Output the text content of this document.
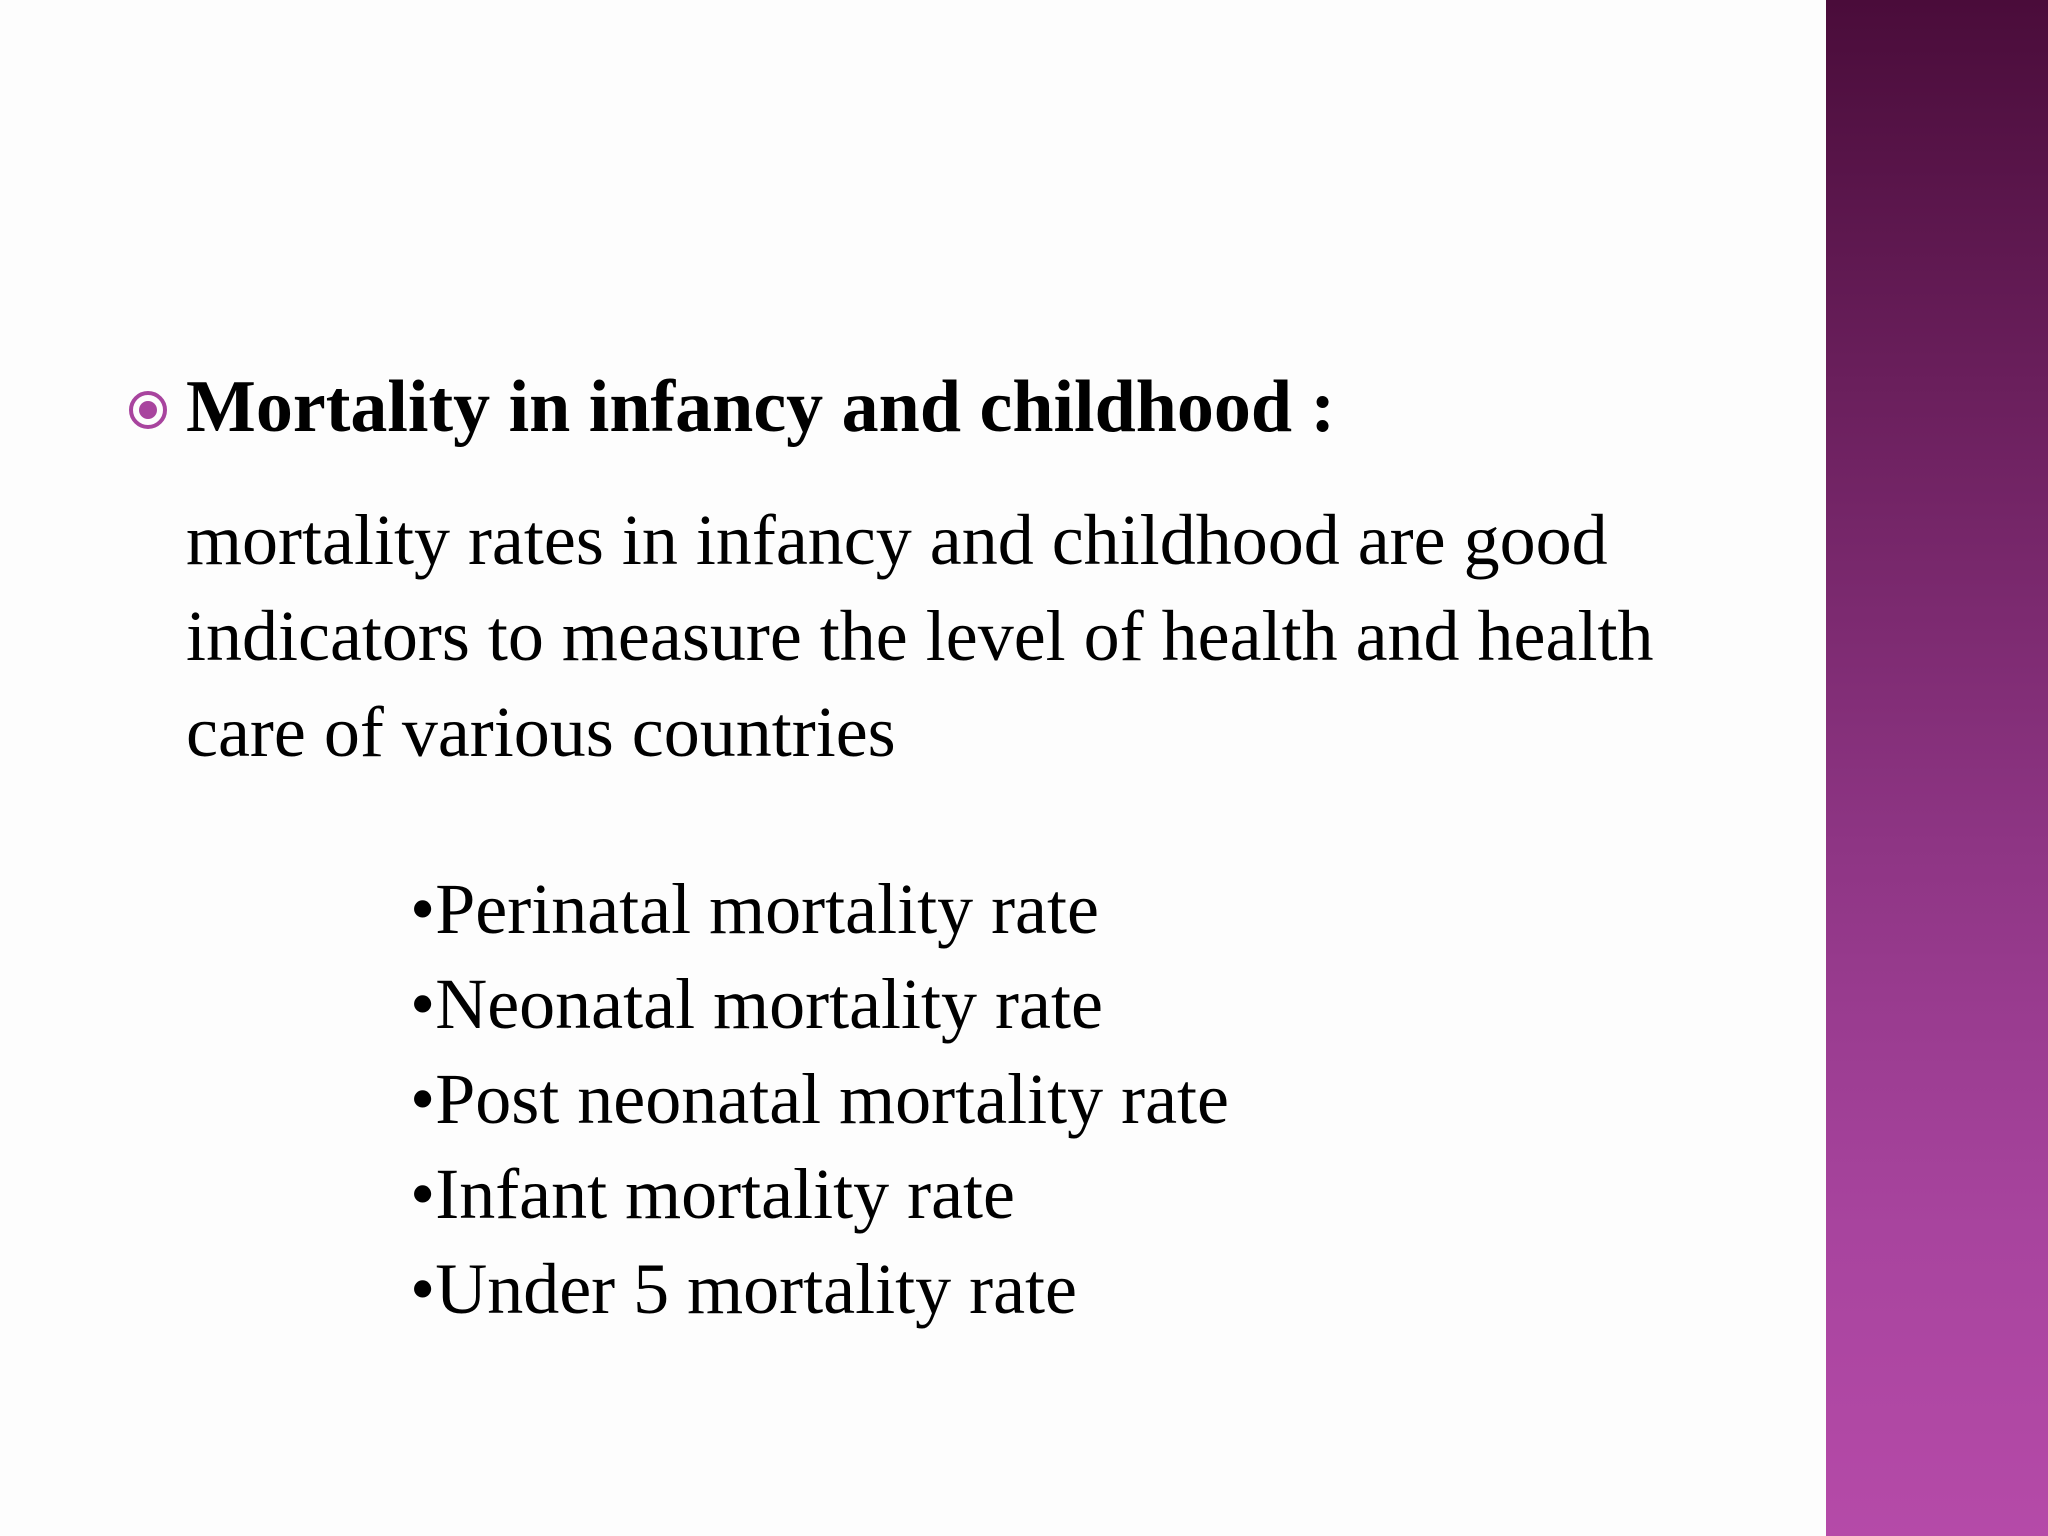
Mortality in infancy and childhood :

mortality rates in infancy and childhood are good indicators to measure the level of health and health care of various countries

•Perinatal mortality rate
•Neonatal mortality rate
•Post neonatal mortality rate
•Infant mortality rate
•Under 5 mortality rate
